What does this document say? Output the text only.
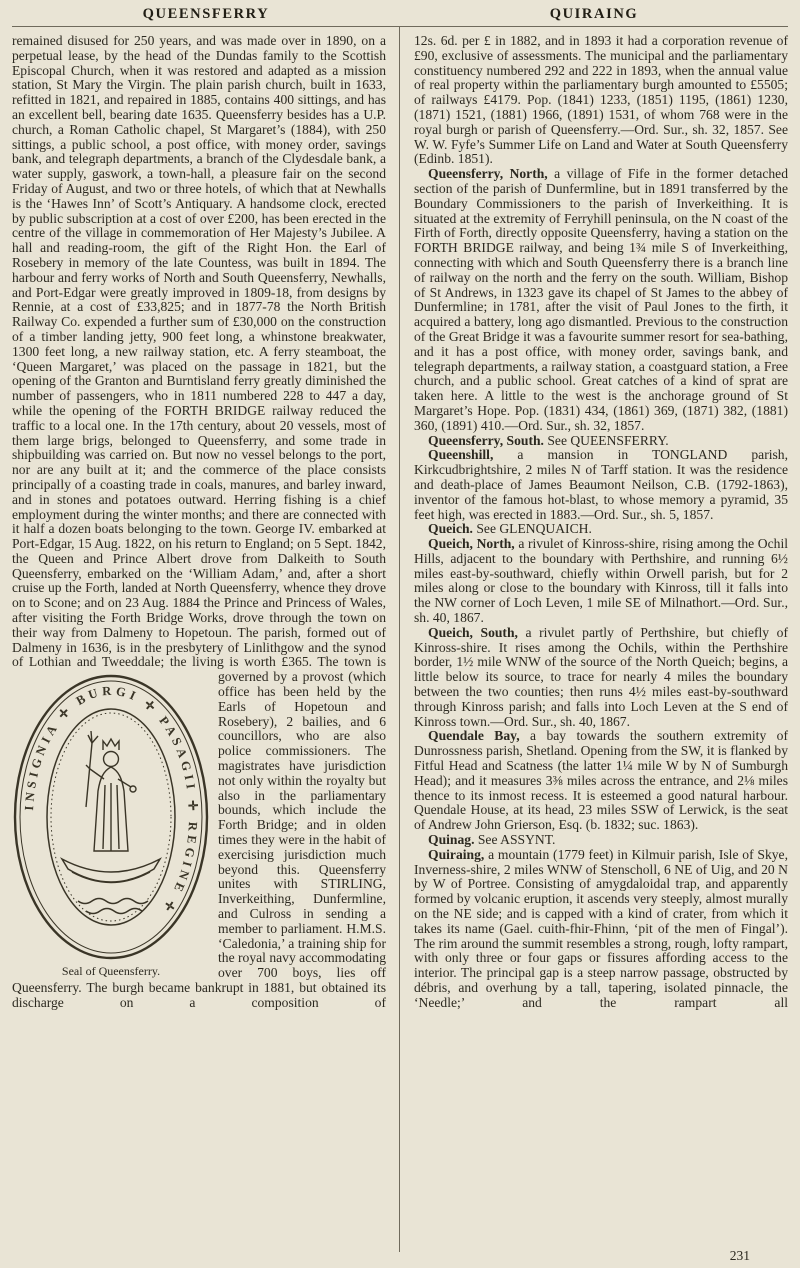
QUEENSFERRY	QUIRAING

remained disused for 250 years, and was made over in 1890, on a perpetual lease, by the head of the Dundas family to the Scottish Episcopal Church, when it was restored and adapted as a mission station, St Mary the Virgin. The plain parish church, built in 1633, refitted in 1821, and repaired in 1885, contains 400 sittings, and has an excellent bell, bearing date 1635. Queensferry besides has a U.P. church, a Roman Catholic chapel, St Margaret’s (1884), with 250 sittings, a public school, a post office, with money order, savings bank, and telegraph departments, a branch of the Clydesdale bank, a water supply, gaswork, a town-hall, a pleasure fair on the second Friday of August, and two or three hotels, of which that at Newhalls is the ‘Hawes Inn’ of Scott’s Antiquary. A handsome clock, erected by public subscription at a cost of over £200, has been erected in the centre of the village in commemoration of Her Majesty’s Jubilee. A hall and reading-room, the gift of the Right Hon. the Earl of Rosebery in memory of the late Countess, was built in 1894. The harbour and ferry works of North and South Queensferry, Newhalls, and Port-Edgar were greatly improved in 1809-18, from designs by Rennie, at a cost of £33,825; and in 1877-78 the North British Railway Co. expended a further sum of £30,000 on the construction of a timber landing jetty, 900 feet long, a whinstone breakwater, 1300 feet long, a new railway station, etc. A ferry steamboat, the ‘Queen Margaret,’ was placed on the passage in 1821, but the opening of the Granton and Burntisland ferry greatly diminished the number of passengers, who in 1811 numbered 228 to 447 a day, while the opening of the FORTH BRIDGE railway reduced the traffic to a local one. In the 17th century, about 20 vessels, most of them large brigs, belonged to Queensferry, and some trade in shipbuilding was carried on. But now no vessel belongs to the port, nor are any built at it; and the commerce of the place consists principally of a coasting trade in coals, manures, and barley inward, and in stones and potatoes outward. Herring fishing is a chief employment during the winter months; and there are connected with it half a dozen boats belonging to the town. George IV. embarked at Port-Edgar, 15 Aug. 1822, on his return to England; on 5 Sept. 1842, the Queen and Prince Albert drove from Dalkeith to South Queensferry, embarked on the ‘William Adam,’ and, after a short cruise up the Forth, landed at North Queensferry, whence they drove on to Scone; and on 23 Aug. 1884 the Prince and Princess of Wales, after visiting the Forth Bridge Works, drove through the town on their way from Dalmeny to Hopetoun. The parish, formed out of Dalmeny in 1636, is in the presbytery of Linlithgow and the synod of Lothian and Tweeddale; the living is worth £365. The town is

INSIGNIA ✛ BURGI ✛ PASAGII ✛ REGINE ✛
Seal of Queensferry.

governed by a provost (which office has been held by the Earls of Hopetoun and Rosebery), 2 bailies, and 6 councillors, who are also police commissioners. The magistrates have jurisdiction not only within the royalty but also in the parliamentary bounds, which include the Forth Bridge; and in olden times they were in the habit of exercising jurisdiction much beyond this. Queensferry unites with STIRLING, Inverkeithing, Dunfermline, and Culross in sending a member to parliament. H.M.S. ‘Caledonia,’ a training ship for the royal navy accommodating over 700 boys, lies off Queensferry. The burgh became bankrupt in 1881, but obtained its discharge on a composition of

12s. 6d. per £ in 1882, and in 1893 it had a corporation revenue of £90, exclusive of assessments. The municipal and the parliamentary constituency numbered 292 and 222 in 1893, when the annual value of real property within the parliamentary burgh amounted to £5505; of railways £4179. Pop. (1841) 1233, (1851) 1195, (1861) 1230, (1871) 1521, (1881) 1966, (1891) 1531, of whom 768 were in the royal burgh or parish of Queensferry.—Ord. Sur., sh. 32, 1857. See W. W. Fyfe’s Summer Life on Land and Water at South Queensferry (Edinb. 1851).

Queensferry, North, a village of Fife in the former detached section of the parish of Dunfermline, but in 1891 transferred by the Boundary Commissioners to the parish of Inverkeithing. It is situated at the extremity of Ferryhill peninsula, on the N coast of the Firth of Forth, directly opposite Queensferry, having a station on the FORTH BRIDGE railway, and being 1¾ mile S of Inverkeithing, connecting with which and South Queensferry there is a branch line of railway on the north and the ferry on the south. William, Bishop of St Andrews, in 1323 gave its chapel of St James to the abbey of Dunfermline; in 1781, after the visit of Paul Jones to the firth, it acquired a battery, long ago dismantled. Previous to the construction of the Great Bridge it was a favourite summer resort for sea-bathing, and it has a post office, with money order, savings bank, and telegraph departments, a railway station, a coastguard station, a Free church, and a public school. Great catches of a kind of sprat are taken here. A little to the west is the anchorage ground of St Margaret’s Hope. Pop. (1831) 434, (1861) 369, (1871) 382, (1881) 360, (1891) 410.—Ord. Sur., sh. 32, 1857.

Queensferry, South. See QUEENSFERRY.

Queenshill, a mansion in TONGLAND parish, Kirkcudbrightshire, 2 miles N of Tarff station. It was the residence and death-place of James Beaumont Neilson, C.B. (1792-1863), inventor of the famous hot-blast, to whose memory a pyramid, 35 feet high, was erected in 1883.—Ord. Sur., sh. 5, 1857.

Queich. See GLENQUAICH.

Queich, North, a rivulet of Kinross-shire, rising among the Ochil Hills, adjacent to the boundary with Perthshire, and running 6½ miles east-by-southward, chiefly within Orwell parish, but for 2 miles along or close to the boundary with Kinross, till it falls into the NW corner of Loch Leven, 1 mile SE of Milnathort.—Ord. Sur., sh. 40, 1867.

Queich, South, a rivulet partly of Perthshire, but chiefly of Kinross-shire. It rises among the Ochils, within the Perthshire border, 1½ mile WNW of the source of the North Queich; begins, a little below its source, to trace for nearly 4 miles the boundary between the two counties; then runs 4½ miles east-by-southward through Kinross parish; and falls into Loch Leven at the S end of Kinross town.—Ord. Sur., sh. 40, 1867.

Quendale Bay, a bay towards the southern extremity of Dunrossness parish, Shetland. Opening from the SW, it is flanked by Fitful Head and Scatness (the latter 1¼ mile W by N of Sumburgh Head); and it measures 3⅜ miles across the entrance, and 2⅛ miles thence to its inmost recess. It is esteemed a good natural harbour. Quendale House, at its head, 23 miles SSW of Lerwick, is the seat of Andrew John Grierson, Esq. (b. 1832; suc. 1863).

Quinag. See ASSYNT.

Quiraing, a mountain (1779 feet) in Kilmuir parish, Isle of Skye, Inverness-shire, 2 miles WNW of Stenscholl, 6 NE of Uig, and 20 N by W of Portree. Consisting of amygdaloidal trap, and apparently formed by volcanic eruption, it ascends very steeply, almost murally on the NE side; and is capped with a kind of crater, from which it takes its name (Gael. cuith-fhir-Fhinn, ‘pit of the men of Fingal’). The rim around the summit resembles a strong, rough, lofty rampart, with only three or four gaps or fissures affording access to the interior. The principal gap is a steep narrow passage, obstructed by débris, and overhung by a tall, tapering, isolated pinnacle, the ‘Needle;’ and the rampart all

231
